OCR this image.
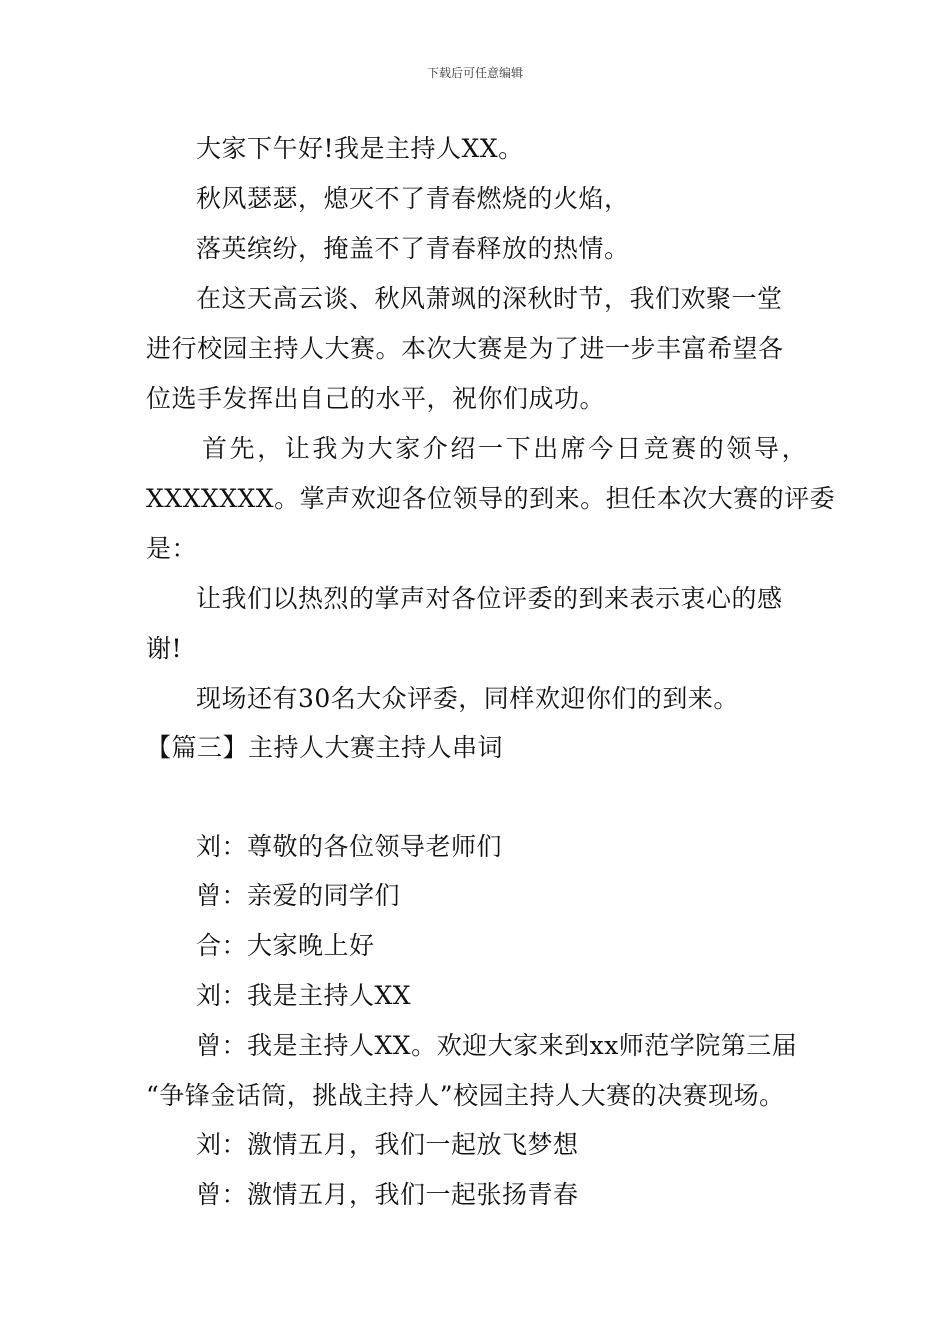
下载后可任意编辑
大家下午好!我是主持人XX。
秋风瑟瑟，熄灭不了青春燃烧的火焰，
落英缤纷，掩盖不了青春释放的热情。
在这天高云谈、秋风萧飒的深秋时节，我们欢聚一堂
进行校园主持人大赛。本次大赛是为了进一步丰富希望各
位选手发挥出自己的水平，祝你们成功。
首先，让我为大家介绍一下出席今日竞赛的领导，
XXXXXXX。掌声欢迎各位领导的到来。担任本次大赛的评委
是：
让我们以热烈的掌声对各位评委的到来表示衷心的感
谢!
现场还有30名大众评委，同样欢迎你们的到来。
【篇三】主持人大赛主持人串词
刘：尊敬的各位领导老师们
曾：亲爱的同学们
合：大家晚上好
刘：我是主持人XX
曾：我是主持人XX。欢迎大家来到xx师范学院第三届
“争锋金话筒，挑战主持人”校园主持人大赛的决赛现场。
刘：激情五月，我们一起放飞梦想
曾：激情五月，我们一起张扬青春
